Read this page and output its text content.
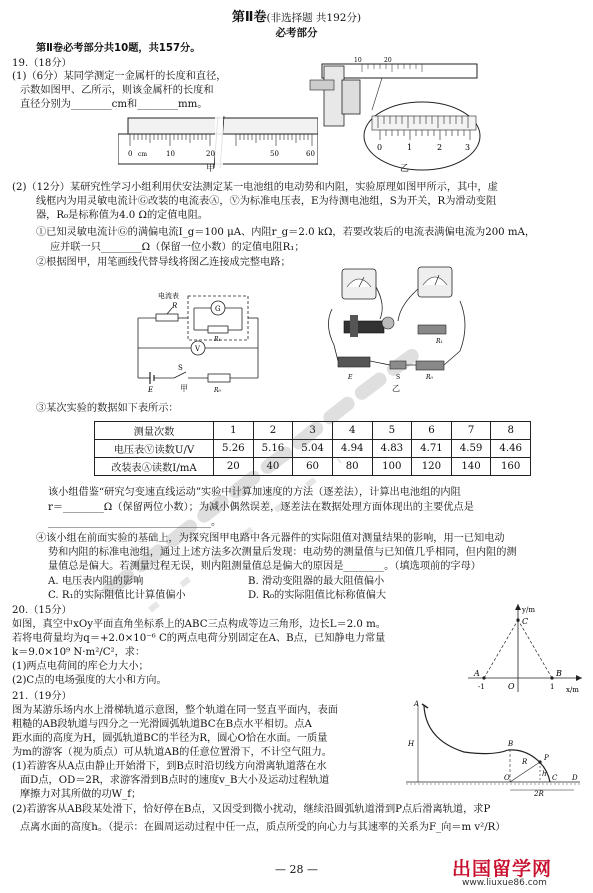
第Ⅱ卷(非选择题 共192分)
必考部分
第Ⅱ卷必考部分共10题，共157分。
19.（18分）
(1)（6分）某同学测定一金属杆的长度和直径，
示数如图甲、乙所示，则该金属杆的长度和
直径分别为________cm和________mm。
0 cm	10	20	50	60
甲
10	20
0	1	2	3
乙
(2)（12分）某研究性学习小组利用伏安法测定某一电池组的电动势和内阻，实验原理如图甲所示，其中，虚
线框内为用灵敏电流计Ⓖ改装的电流表Ⓐ，Ⓥ为标准电压表，E为待测电池组，S为开关，R为滑动变阻
器，R₀是标称值为4.0 Ω的定值电阻。
①已知灵敏电流计Ⓖ的满偏电流I_g＝100 μA、内阻r_g＝2.0 kΩ，若要改装后的电流表满偏电流为200 mA，
应并联一只________Ω（保留一位小数）的定值电阻R₁；
②根据图甲，用笔画线代替导线将图乙连接成完整电路；
电流表
G
R
R₁
V
E
S
R₀
甲
R₁
E	S	R₀
乙
③某次实验的数据如下表所示：
测量次数	1	2	3	4	5	6	7	8
电压表Ⓥ读数U/V	5.26	5.16	5.04	4.94	4.83	4.71	4.59	4.46
改装表Ⓐ读数I/mA	20	40	60	80	100	120	140	160
该小组借鉴“研究匀变速直线运动”实验中计算加速度的方法（逐差法），计算出电池组的内阻
r＝________Ω（保留两位小数）；为减小偶然误差，逐差法在数据处理方面体现出的主要优点是
________________________________。
④该小组在前面实验的基础上，为探究图甲电路中各元器件的实际阻值对测量结果的影响，用一已知电动
势和内阻的标准电池组，通过上述方法多次测量后发现：电动势的测量值与已知值几乎相同，但内阻的测
量值总是偏大。若测量过程无误，则内阻测量值总是偏大的原因是________。（填选项前的字母）
A. 电压表内阻的影响	B. 滑动变阻器的最大阻值偏小
C. R₁的实际阻值比计算值偏小	D. R₀的实际阻值比标称值偏大
20.（15分）
如图，真空中xOy平面直角坐标系上的ABC三点构成等边三角形，边长L＝2.0 m。
若将电荷量均为q＝+2.0×10⁻⁶ C的两点电荷分别固定在A、B点，已知静电力常量
k＝9.0×10⁹ N·m²/C²，求：
(1)两点电荷间的库仑力大小；
(2)C点的电场强度的大小和方向。
y/m
C
A
O
B
x/m
-1	1
21.（19分）
图为某游乐场内水上滑梯轨道示意图，整个轨道在同一竖直平面内，表面
粗糙的AB段轨道与四分之一光滑圆弧轨道BC在B点水平相切。点A
距水面的高度为H，圆弧轨道BC的半径为R，圆心O恰在水面。一质量
为m的游客（视为质点）可从轨道AB的任意位置滑下，不计空气阻力。
(1)若游客从A点由静止开始滑下，到B点时沿切线方向滑离轨道落在水
面D点，OD＝2R，求游客滑到B点时的速度v_B大小及运动过程轨道
摩擦力对其所做的功W_f；
(2)若游客从AB段某处滑下，恰好停在B点，又因受到微小扰动，继续沿圆弧轨道滑到P点后滑离轨道，求P
点离水面的高度h。（提示：在圆周运动过程中任一点，质点所受的向心力与其速率的关系为F_向＝m v²/R）
A
B
H
P
R
h
O	C D
2R
— 28 —	出国留学网
www.liuxue86.com
